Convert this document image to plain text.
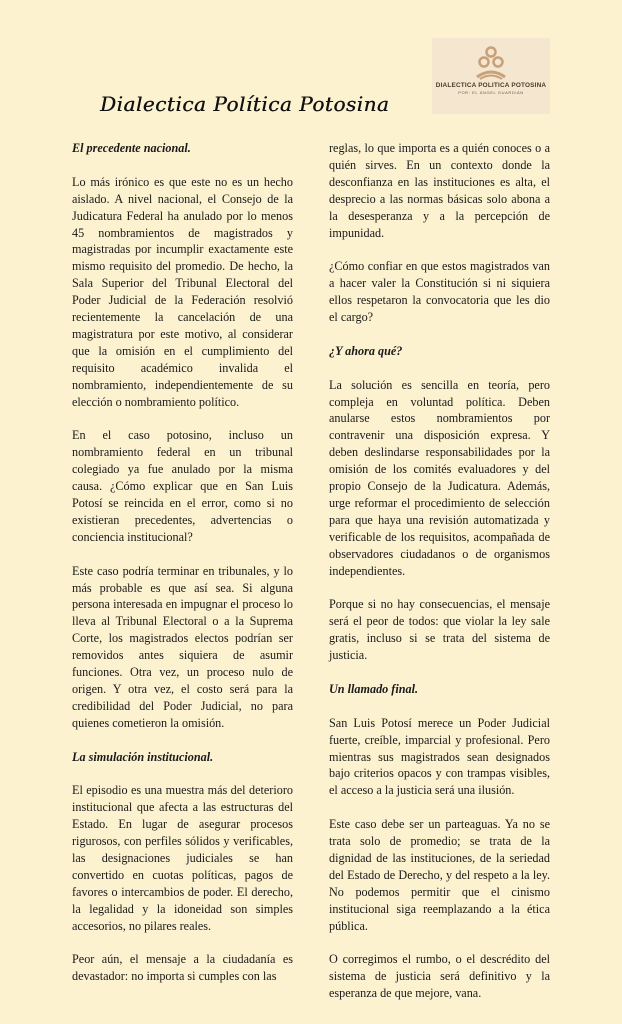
Dialectica Política Potosina
DIALECTICA POLITICA POTOSINA
POR: EL ÁNGEL GUARDIÁN

El precedente nacional.

Lo más irónico es que este no es un hecho aislado. A nivel nacional, el Consejo de la Judicatura Federal ha anulado por lo menos 45 nombramientos de magistrados y magistradas por incumplir exactamente este mismo requisito del promedio. De hecho, la Sala Superior del Tribunal Electoral del Poder Judicial de la Federación resolvió recientemente la cancelación de una magistratura por este motivo, al considerar que la omisión en el cumplimiento del requisito académico invalida el nombramiento, independientemente de su elección o nombramiento político.

En el caso potosino, incluso un nombramiento federal en un tribunal colegiado ya fue anulado por la misma causa. ¿Cómo explicar que en San Luis Potosí se reincida en el error, como si no existieran precedentes, advertencias o conciencia institucional?

Este caso podría terminar en tribunales, y lo más probable es que así sea. Si alguna persona interesada en impugnar el proceso lo lleva al Tribunal Electoral o a la Suprema Corte, los magistrados electos podrían ser removidos antes siquiera de asumir funciones. Otra vez, un proceso nulo de origen. Y otra vez, el costo será para la credibilidad del Poder Judicial, no para quienes cometieron la omisión.

La simulación institucional.

El episodio es una muestra más del deterioro institucional que afecta a las estructuras del Estado. En lugar de asegurar procesos rigurosos, con perfiles sólidos y verificables, las designaciones judiciales se han convertido en cuotas políticas, pagos de favores o intercambios de poder. El derecho, la legalidad y la idoneidad son simples accesorios, no pilares reales.

Peor aún, el mensaje a la ciudadanía es devastador: no importa si cumples con las

reglas, lo que importa es a quién conoces o a quién sirves. En un contexto donde la desconfianza en las instituciones es alta, el desprecio a las normas básicas solo abona a la desesperanza y a la percepción de impunidad.

¿Cómo confiar en que estos magistrados van a hacer valer la Constitución si ni siquiera ellos respetaron la convocatoria que les dio el cargo?

¿Y ahora qué?

La solución es sencilla en teoría, pero compleja en voluntad política. Deben anularse estos nombramientos por contravenir una disposición expresa. Y deben deslindarse responsabilidades por la omisión de los comités evaluadores y del propio Consejo de la Judicatura. Además, urge reformar el procedimiento de selección para que haya una revisión automatizada y verificable de los requisitos, acompañada de observadores ciudadanos o de organismos independientes.

Porque si no hay consecuencias, el mensaje será el peor de todos: que violar la ley sale gratis, incluso si se trata del sistema de justicia.

Un llamado final.

San Luis Potosí merece un Poder Judicial fuerte, creíble, imparcial y profesional. Pero mientras sus magistrados sean designados bajo criterios opacos y con trampas visibles, el acceso a la justicia será una ilusión.

Este caso debe ser un parteaguas. Ya no se trata solo de promedio; se trata de la dignidad de las instituciones, de la seriedad del Estado de Derecho, y del respeto a la ley. No podemos permitir que el cinismo institucional siga reemplazando a la ética pública.

O corregimos el rumbo, o el descrédito del sistema de justicia será definitivo y la esperanza de que mejore, vana.
